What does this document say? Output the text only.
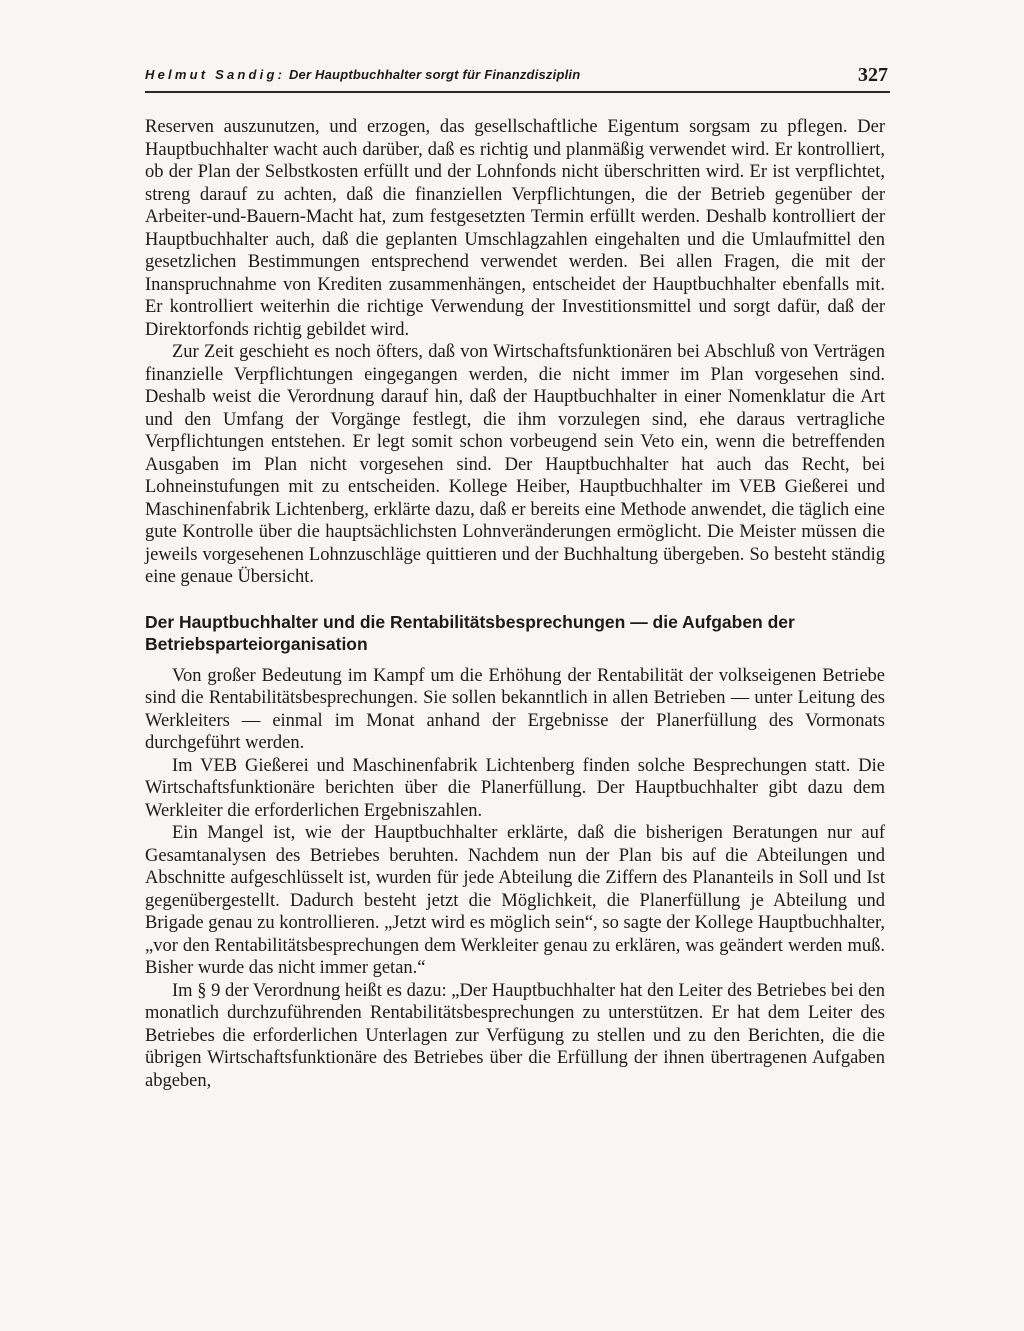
Helmut Sandig: Der Hauptbuchhalter sorgt für Finanzdisziplin	327

Reserven auszunutzen, und erzogen, das gesellschaftliche Eigentum sorgsam zu pflegen. Der Hauptbuchhalter wacht auch darüber, daß es richtig und planmäßig verwendet wird. Er kontrolliert, ob der Plan der Selbstkosten erfüllt und der Lohnfonds nicht überschritten wird. Er ist verpflichtet, streng darauf zu achten, daß die finanziellen Verpflichtungen, die der Betrieb gegenüber der Arbeiter-und-Bauern-Macht hat, zum festgesetzten Termin erfüllt werden. Deshalb kontrolliert der Hauptbuchhalter auch, daß die geplanten Umschlagzahlen eingehalten und die Umlaufmittel den gesetzlichen Bestimmungen entsprechend verwendet werden. Bei allen Fragen, die mit der Inanspruchnahme von Krediten zusammenhängen, entscheidet der Hauptbuchhalter ebenfalls mit. Er kontrolliert weiterhin die richtige Verwendung der Investitionsmittel und sorgt dafür, daß der Direktorfonds richtig gebildet wird.

Zur Zeit geschieht es noch öfters, daß von Wirtschaftsfunktionären bei Abschluß von Verträgen finanzielle Verpflichtungen eingegangen werden, die nicht immer im Plan vorgesehen sind. Deshalb weist die Verordnung darauf hin, daß der Hauptbuchhalter in einer Nomenklatur die Art und den Umfang der Vorgänge festlegt, die ihm vorzulegen sind, ehe daraus vertragliche Verpflichtungen entstehen. Er legt somit schon vorbeugend sein Veto ein, wenn die betreffenden Ausgaben im Plan nicht vorgesehen sind. Der Hauptbuchhalter hat auch das Recht, bei Lohneinstufungen mit zu entscheiden. Kollege Heiber, Hauptbuchhalter im VEB Gießerei und Maschinenfabrik Lichtenberg, erklärte dazu, daß er bereits eine Methode anwendet, die täglich eine gute Kontrolle über die hauptsächlichsten Lohnveränderungen ermöglicht. Die Meister müssen die jeweils vorgesehenen Lohnzuschläge quittieren und der Buchhaltung übergeben. So besteht ständig eine genaue Übersicht.

Der Hauptbuchhalter und die Rentabilitätsbesprechungen — die Aufgaben der Betriebsparteiorganisation

Von großer Bedeutung im Kampf um die Erhöhung der Rentabilität der volkseigenen Betriebe sind die Rentabilitätsbesprechungen. Sie sollen bekanntlich in allen Betrieben — unter Leitung des Werkleiters — einmal im Monat anhand der Ergebnisse der Planerfüllung des Vormonats durchgeführt werden.

Im VEB Gießerei und Maschinenfabrik Lichtenberg finden solche Besprechungen statt. Die Wirtschaftsfunktionäre berichten über die Planerfüllung. Der Hauptbuchhalter gibt dazu dem Werkleiter die erforderlichen Ergebniszahlen.

Ein Mangel ist, wie der Hauptbuchhalter erklärte, daß die bisherigen Beratungen nur auf Gesamtanalysen des Betriebes beruhten. Nachdem nun der Plan bis auf die Abteilungen und Abschnitte aufgeschlüsselt ist, wurden für jede Abteilung die Ziffern des Plananteils in Soll und Ist gegenübergestellt. Dadurch besteht jetzt die Möglichkeit, die Planerfüllung je Abteilung und Brigade genau zu kontrollieren. „Jetzt wird es möglich sein“, so sagte der Kollege Hauptbuchhalter, „vor den Rentabilitätsbesprechungen dem Werkleiter genau zu erklären, was geändert werden muß. Bisher wurde das nicht immer getan.“

Im § 9 der Verordnung heißt es dazu: „Der Hauptbuchhalter hat den Leiter des Betriebes bei den monatlich durchzuführenden Rentabilitätsbesprechungen zu unterstützen. Er hat dem Leiter des Betriebes die erforderlichen Unterlagen zur Verfügung zu stellen und zu den Berichten, die die übrigen Wirtschaftsfunktionäre des Betriebes über die Erfüllung der ihnen übertragenen Aufgaben abgeben,
